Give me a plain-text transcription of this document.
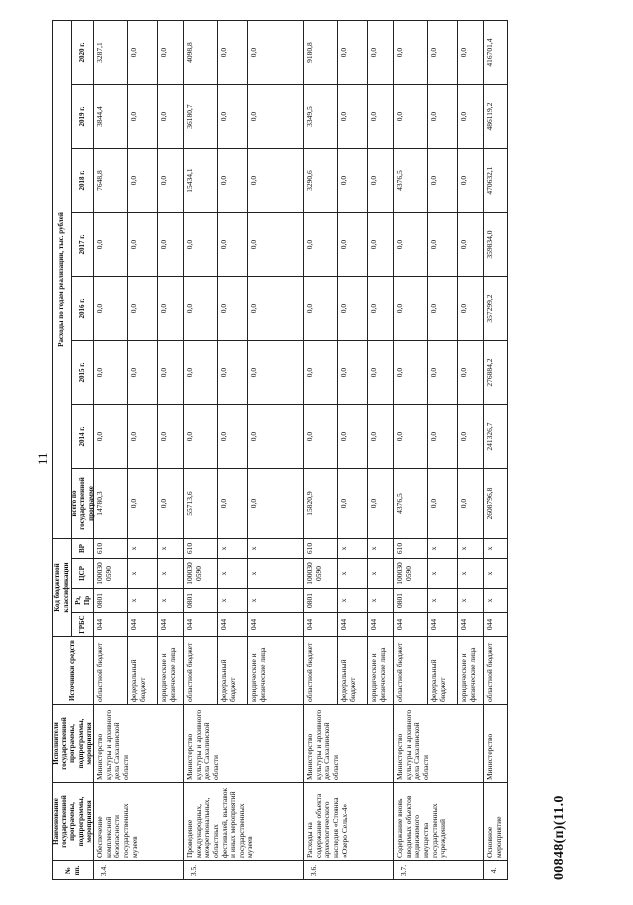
11
№ пп.
Наименование государственной программы, подпрограммы, мероприятия
Исполнители государственной программы, подпрограммы, мероприятия
Источники средств
Код бюджетной классификации
ГРБС
Рз, Пр
ЦСР
ВР
Расходы по годам реализации, тыс. рублей
всего по государственной программе
2014 г.
2015 г.
2016 г.
2017 г.
2018 г.
2019 г.
2020 г.
3.4.
Обеспечение комплексной безопасности государственных музеев
Министерство культуры и архивного дела Сахалинской области
областной бюджет
044
0801
100030 0590
610
14780,3
0,0
0,0
0,0
0,0
7648,8
3844,4
3287,1
федеральный бюджет
044
х
х
х
0,0
0,0
0,0
0,0
0,0
0,0
0,0
0,0
юридические и физические лица
044
х
х
х
0,0
0,0
0,0
0,0
0,0
0,0
0,0
0,0
3.5.
Проведение международных, межрегиональных, областных фестивалей, выставок и иных мероприятий государственных музеев
Министерство культуры и архивного дела Сахалинской области
областной бюджет
044
0801
100030 0590
610
55713,6
0,0
0,0
0,0
0,0
15434,1
36180,7
4098,8
федеральный бюджет
044
х
х
х
0,0
0,0
0,0
0,0
0,0
0,0
0,0
0,0
юридические и физические лица
044
х
х
х
0,0
0,0
0,0
0,0
0,0
0,0
0,0
0,0
3.6.
Расходы на содержание объекта археологического наследия «Стоянка «Озеро Сельх-4»
Министерство культуры и архивного дела Сахалинской области
областной бюджет
044
0801
100030 0590
610
15820,9
0,0
0,0
0,0
0,0
3290,6
3349,5
9180,8
федеральный бюджет
044
х
х
х
0,0
0,0
0,0
0,0
0,0
0,0
0,0
0,0
юридические и физические лица
044
х
х
х
0,0
0,0
0,0
0,0
0,0
0,0
0,0
0,0
3.7.
Содержание вновь вводимых объектов недвижимого имущества государственных учреждений
Министерство культуры и архивного дела Сахалинской области
областной бюджет
044
0801
100030 0590
610
4376,5
0,0
0,0
0,0
0,0
4376,5
0,0
0,0
федеральный бюджет
044
х
х
х
0,0
0,0
0,0
0,0
0,0
0,0
0,0
0,0
юридические и физические лица
044
х
х
х
0,0
0,0
0,0
0,0
0,0
0,0
0,0
0,0
4.
Основное мероприятие
Министерство
областной бюджет
044
х
х
х
2608796,8
241326,7
276884,2
357299,2
359834,0
470632,1
486119,2
416701,4
00848(п)(11.0
